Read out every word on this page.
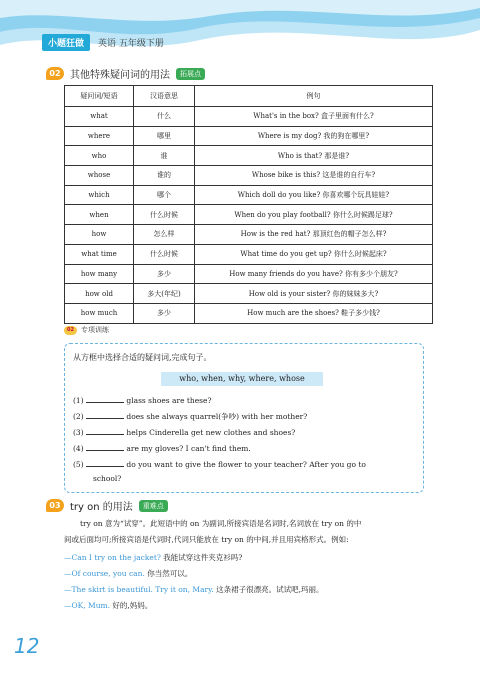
小题狂做	英语 五年级下册
02 其他特殊疑问词的用法	拓展点
疑问词/短语	汉语意思	例句
what	什么	What's in the box? 盒子里面有什么?
where	哪里	Where is my dog? 我的狗在哪里?
who	谁	Who is that? 那是谁?
whose	谁的	Whose bike is this? 这是谁的自行车?
which	哪个	Which doll do you like? 你喜欢哪个玩具娃娃?
when	什么时候	When do you play football? 你什么时候踢足球?
how	怎么样	How is the red hat? 那顶红色的帽子怎么样?
what time	什么时候	What time do you get up? 你什么时候起床?
how many	多少	How many friends do you have? 你有多少个朋友?
how old	多大(年纪)	How old is your sister? 你的妹妹多大?
how much	多少	How much are the shoes? 鞋子多少钱?
02	专项训练
从方框中选择合适的疑问词,完成句子。
who, when, why, where, whose
(1)	glass shoes are these?
(2)	does she always quarrel(争吵) with her mother?
(3)	helps Cinderella get new clothes and shoes?
(4)	are my gloves? I can't find them.
(5)	do you want to give the flower to your teacher? After you go to
school?
03 try on 的用法	重难点
try on 意为“试穿”。此短语中的 on 为副词,所接宾语是名词时,名词放在 try on 的中
间或后面均可;所接宾语是代词时,代词只能放在 try on 的中间,并且用宾格形式。例如:
—Can I try on the jacket? 我能试穿这件夹克衫吗?
—Of course, you can. 你当然可以。
—The skirt is beautiful. Try it on, Mary. 这条裙子很漂亮。试试吧,玛丽。
—OK, Mum. 好的,妈妈。
12
